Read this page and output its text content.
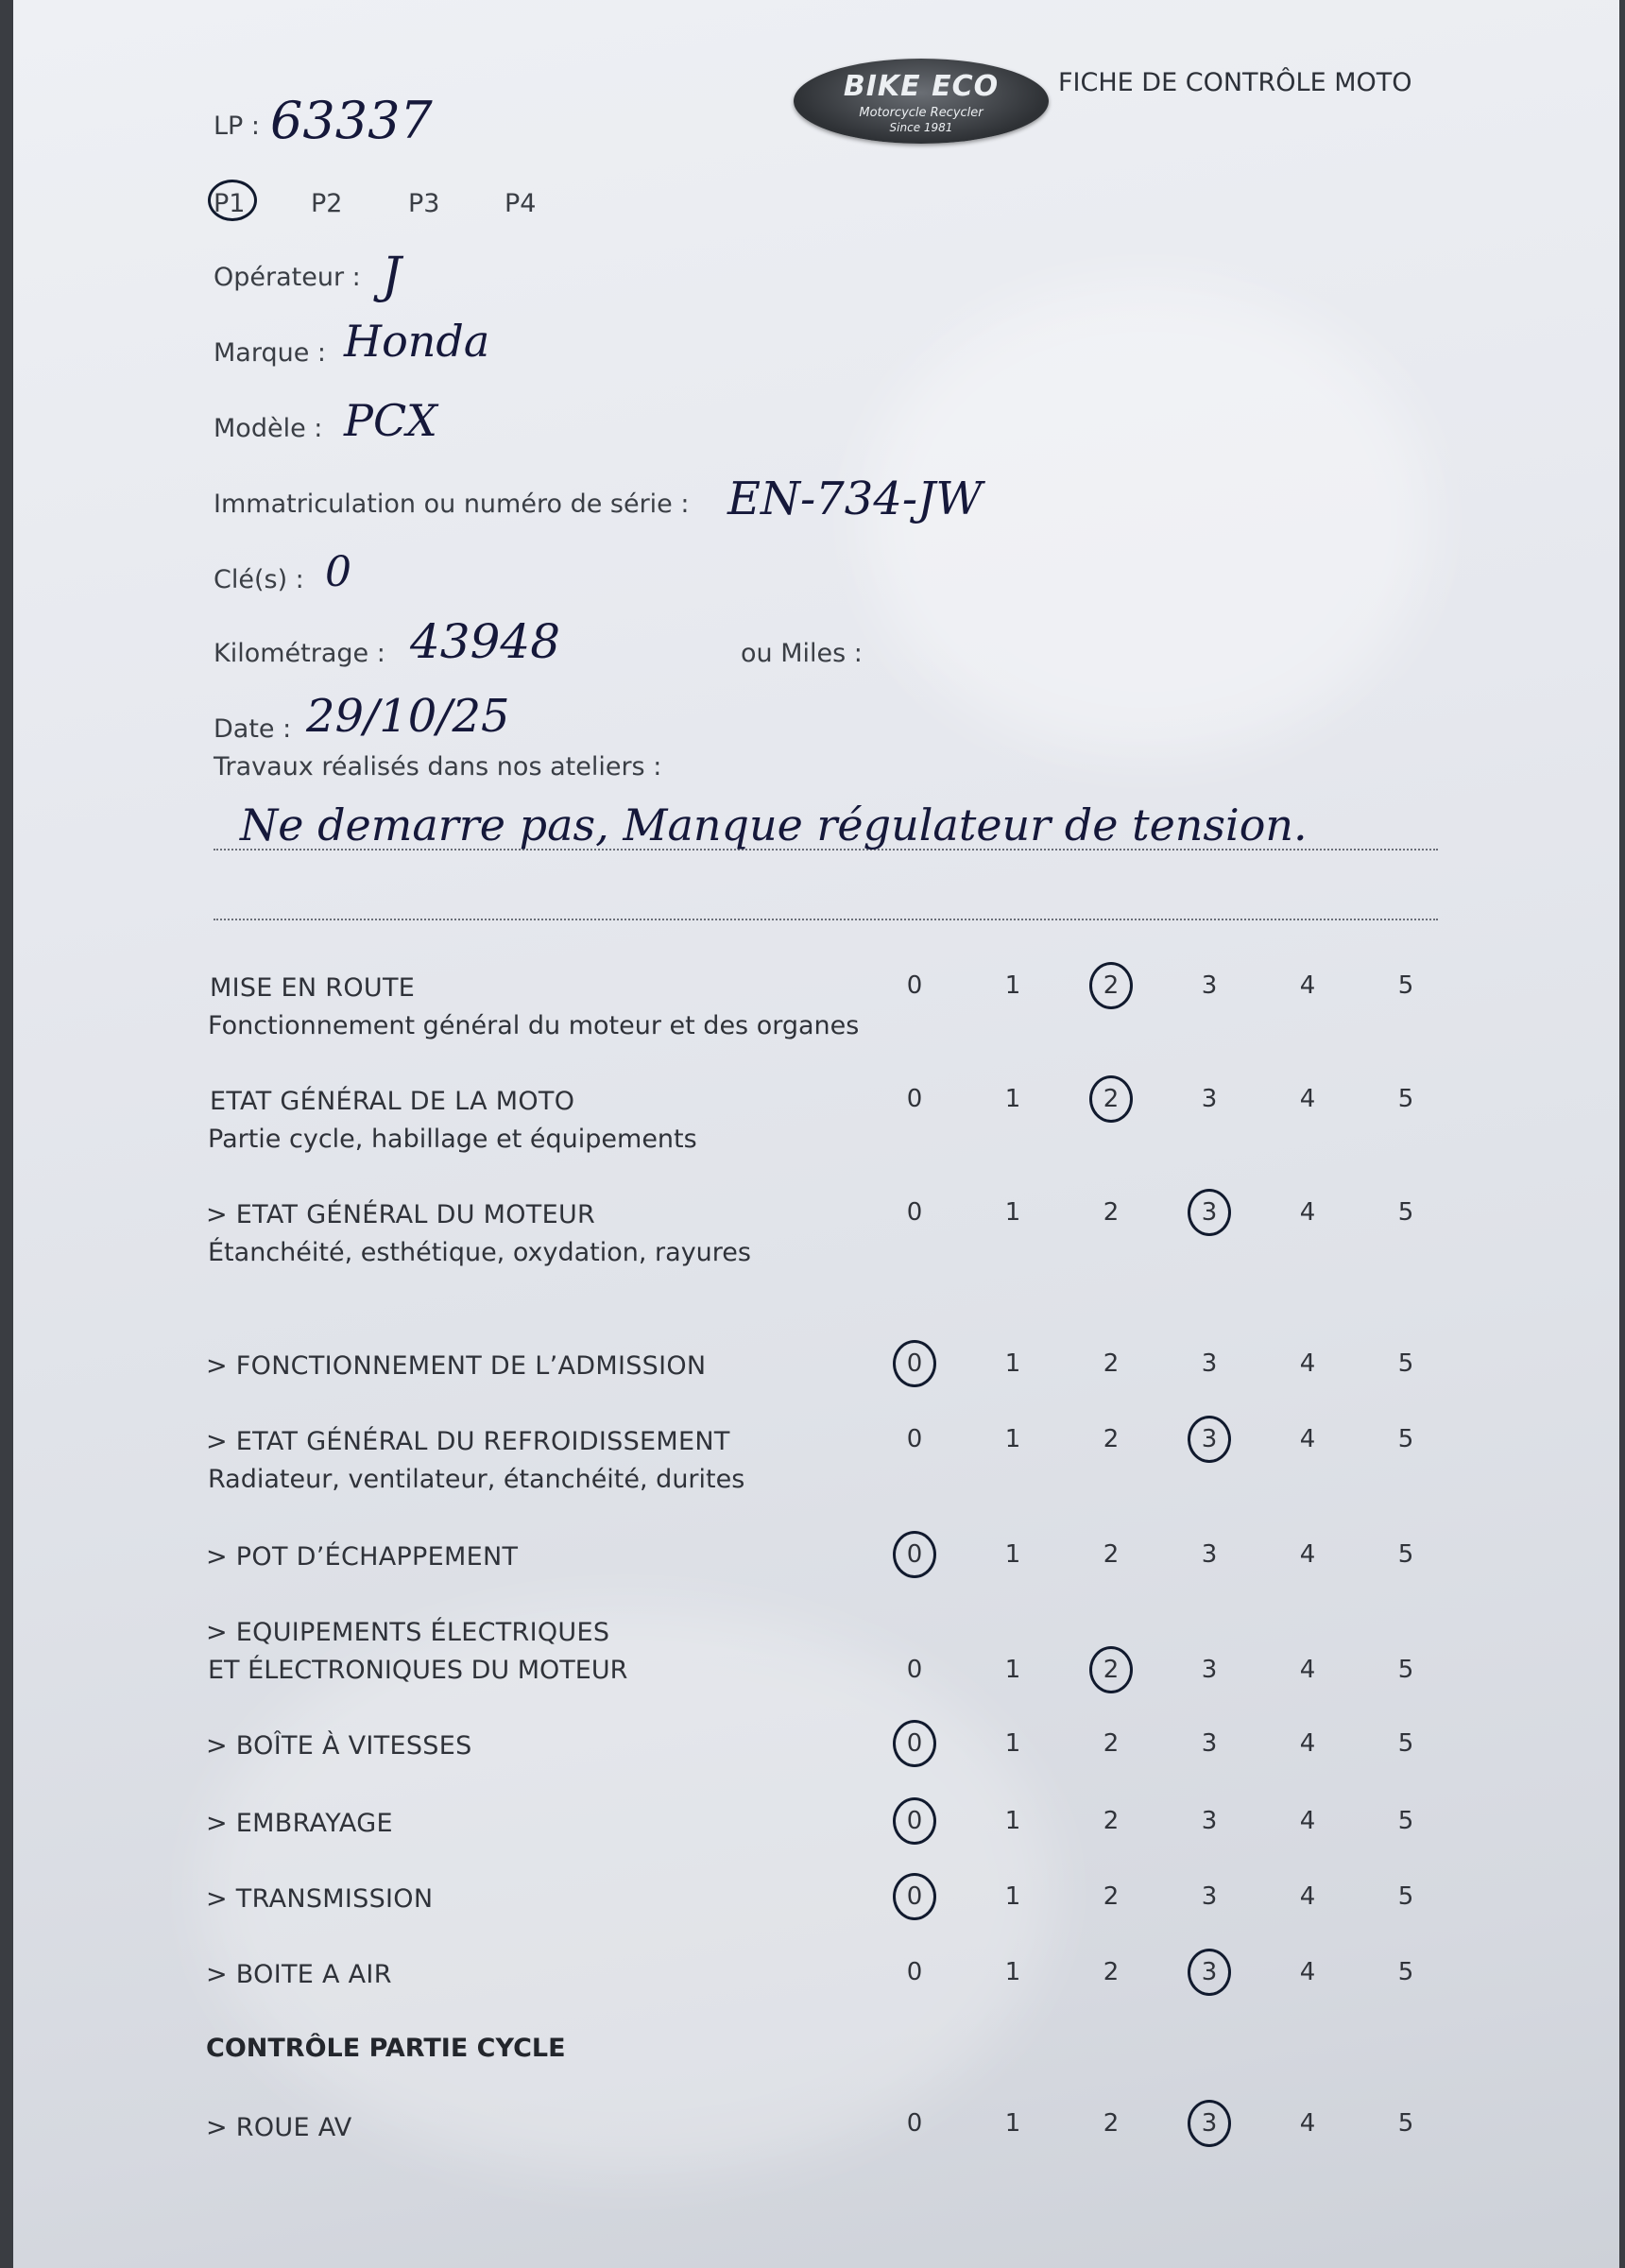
BIKE ECO
Motorcycle Recycler
Since 1981
FICHE DE CONTRÔLE MOTO
LP : 63337
P1	P2	P3	P4
Opérateur : J
Marque : Honda
Modèle : PCX
Immatriculation ou numéro de série : EN-734-JW
Clé(s) : 0
Kilométrage : 43948	ou Miles :
Date : 29/10/25
Travaux réalisés dans nos ateliers :
Ne demarre pas, Manque régulateur de tension.
MISE EN ROUTE
Fonctionnement général du moteur et des organes
0	1	2	3	4	5
ETAT GÉNÉRAL DE LA MOTO
Partie cycle, habillage et équipements
0	1	2	3	4	5
> ETAT GÉNÉRAL DU MOTEUR
Étanchéité, esthétique, oxydation, rayures
0	1	2	3	4	5
> FONCTIONNEMENT DE L’ADMISSION	0	1	2	3	4	5
> ETAT GÉNÉRAL DU REFROIDISSEMENT
Radiateur, ventilateur, étanchéité, durites
0	1	2	3	4	5
> POT D’ÉCHAPPEMENT	0	1	2	3	4	5
> EQUIPEMENTS ÉLECTRIQUES
ET ÉLECTRONIQUES DU MOTEUR	0	1	2	3	4	5
> BOÎTE À VITESSES	0	1	2	3	4	5
> EMBRAYAGE	0	1	2	3	4	5
> TRANSMISSION	0	1	2	3	4	5
> BOITE A AIR	0	1	2	3	4	5
CONTRÔLE PARTIE CYCLE
> ROUE AV	0	1	2	3	4	5
